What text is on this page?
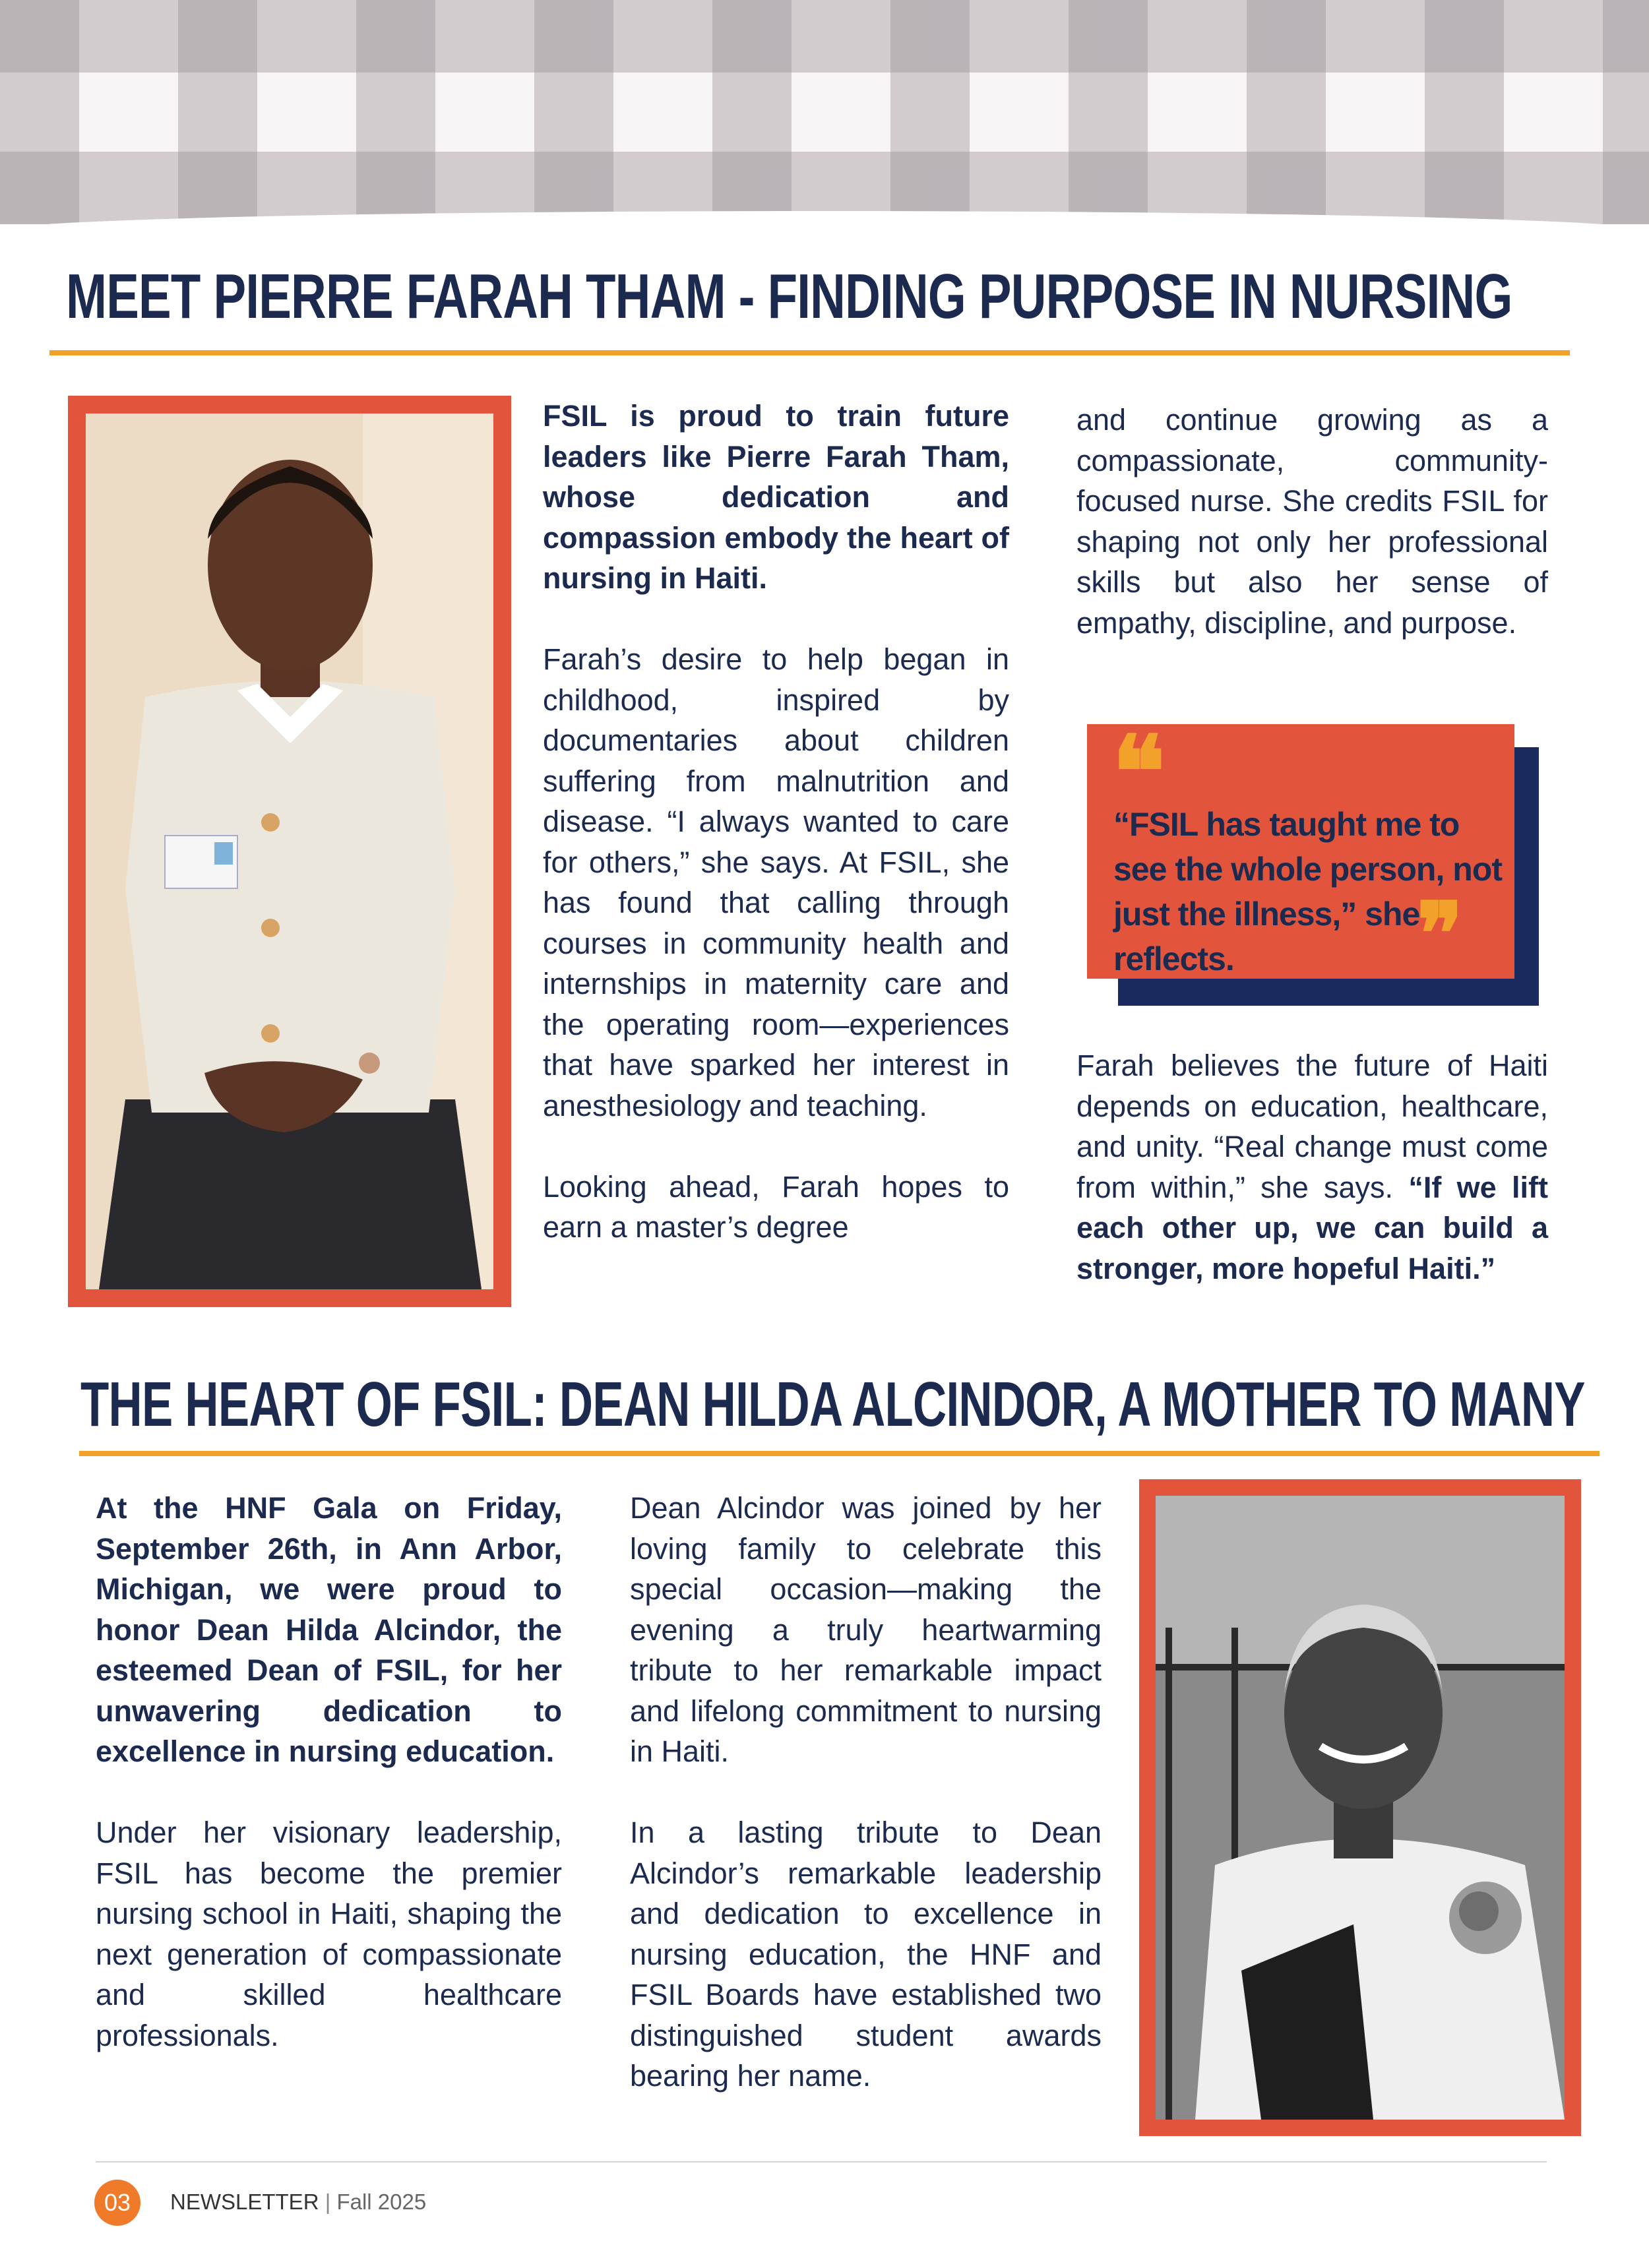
MEET PIERRE FARAH THAM - FINDING PURPOSE IN NURSING

FSIL is proud to train future leaders like Pierre Farah Tham, whose dedication and compassion embody the heart of nursing in Haiti.

Farah’s desire to help began in childhood, inspired by documentaries about children suffering from malnutrition and disease. “I always wanted to care for others,” she says. At FSIL, she has found that calling through courses in community health and internships in maternity care and the operating room—experiences that have sparked her interest in anesthesiology and teaching.

Looking ahead, Farah hopes to earn a master’s degree

and continue growing as a compassionate, community-focused nurse. She credits FSIL for shaping not only her professional skills but also her sense of empathy, discipline, and purpose.

❝
“FSIL has taught me to see the whole person, not just the illness,” she reflects.	❞

Farah believes the future of Haiti depends on education, healthcare, and unity. “Real change must come from within,” she says. “If we lift each other up, we can build a stronger, more hopeful Haiti.”

THE HEART OF FSIL: DEAN HILDA ALCINDOR, A MOTHER TO MANY

At the HNF Gala on Friday, September 26th, in Ann Arbor, Michigan, we were proud to honor Dean Hilda Alcindor, the esteemed Dean of FSIL, for her unwavering dedication to excellence in nursing education.

Under her visionary leadership, FSIL has become the premier nursing school in Haiti, shaping the next generation of compassionate and skilled healthcare professionals.

Dean Alcindor was joined by her loving family to celebrate this special occasion—making the evening a truly heartwarming tribute to her remarkable impact and lifelong commitment to nursing in Haiti.

In a lasting tribute to Dean Alcindor’s remarkable leadership and dedication to excellence in nursing education, the HNF and FSIL Boards have established two distinguished student awards bearing her name.

03	NEWSLETTER | Fall 2025
